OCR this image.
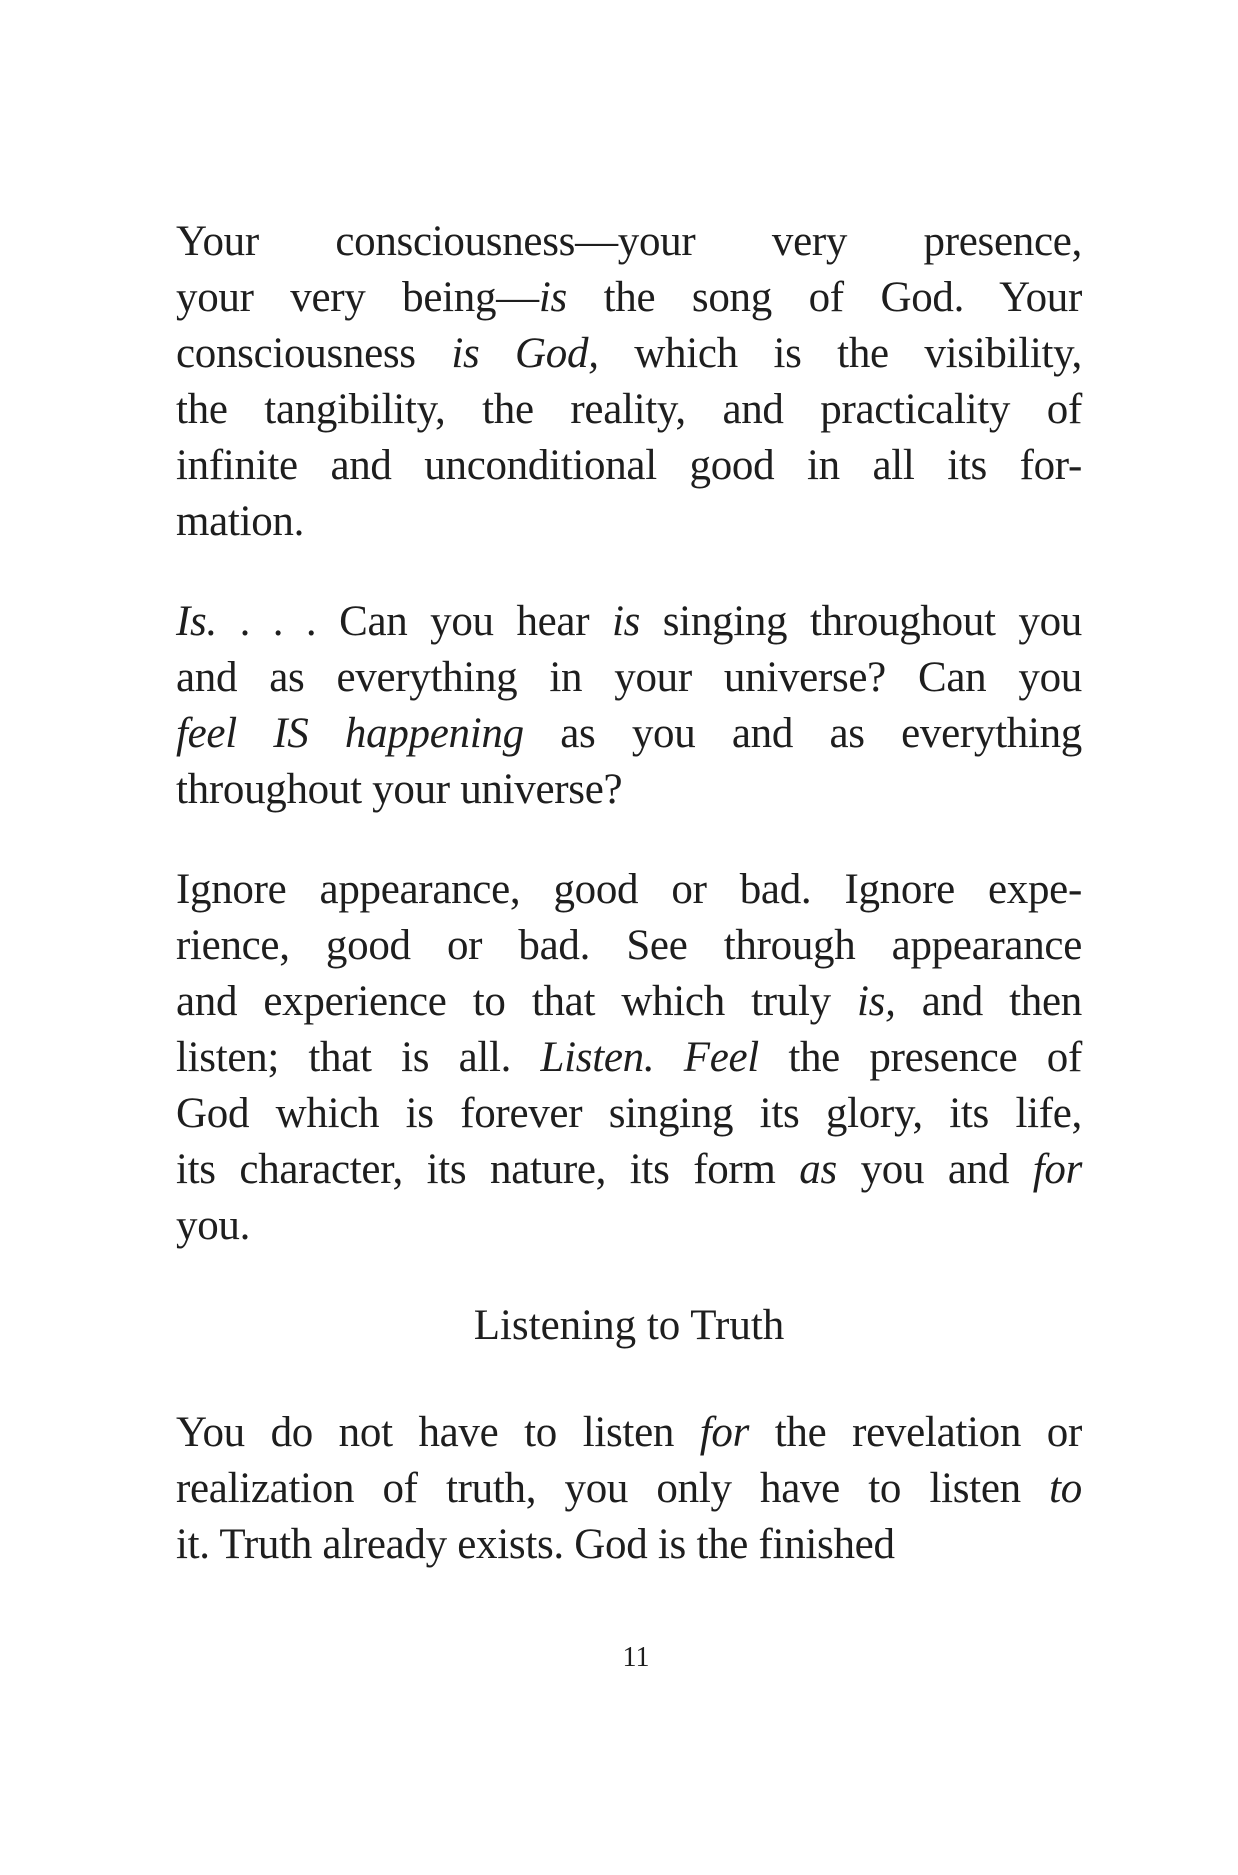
Your consciousness—your very presence,
your very being—is the song of God. Your
consciousness is God, which is the visibility,
the tangibility, the reality, and practicality of
infinite and unconditional good in all its for-
mation.
Is. . . . Can you hear is singing throughout you
and as everything in your universe? Can you
feel IS happening as you and as everything
throughout your universe?
Ignore appearance, good or bad. Ignore expe-
rience, good or bad. See through appearance
and experience to that which truly is, and then
listen; that is all. Listen. Feel the presence of
God which is forever singing its glory, its life,
its character, its nature, its form as you and for
you.
You do not have to listen for the revelation or
realization of truth, you only have to listen to
it. Truth already exists. God is the finished
Listening to Truth
11
